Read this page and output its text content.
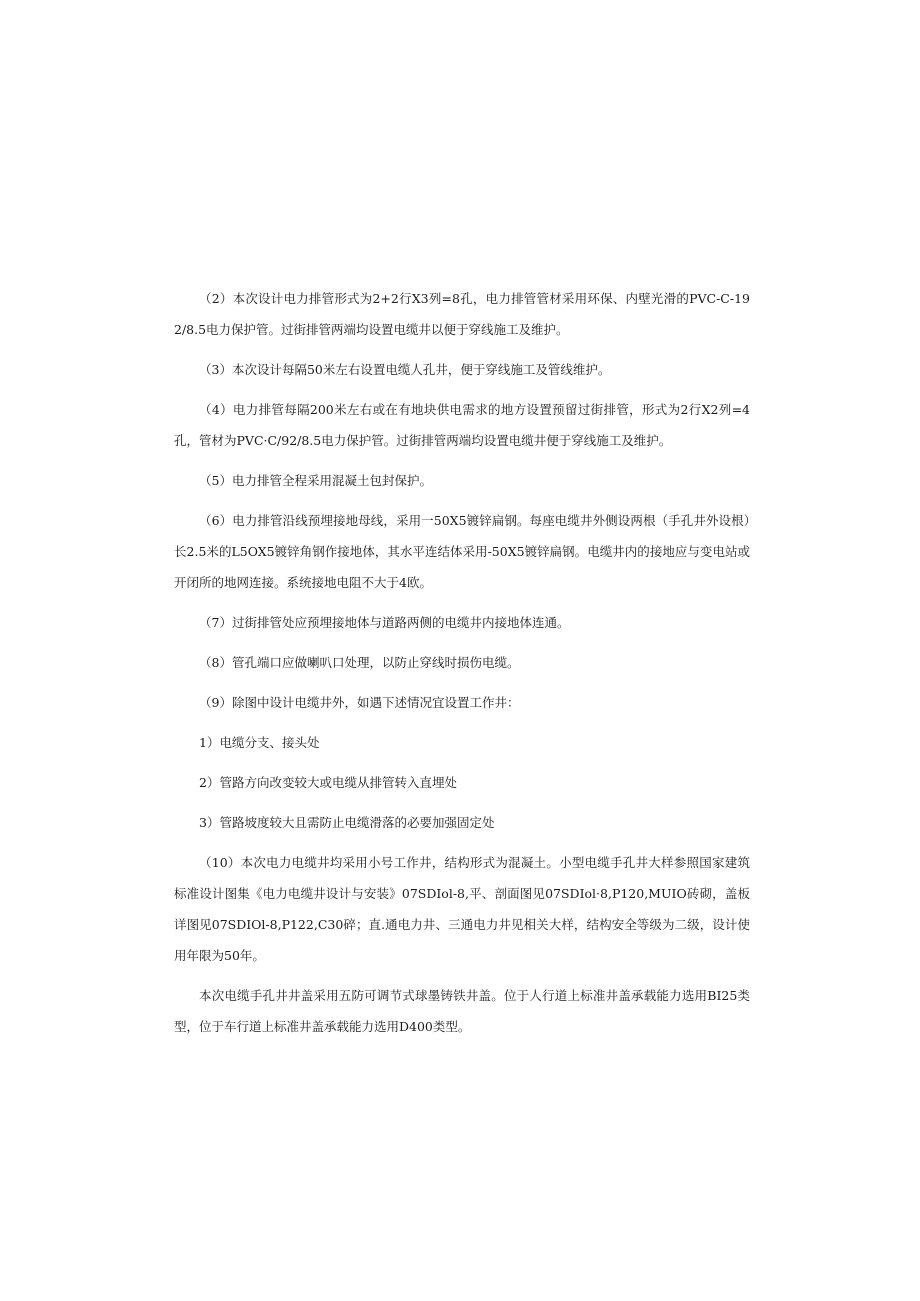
（2）本次设计电力排管形式为2+2行X3列=8孔，电力排管管材采用环保、内壁光滑的PVC-C-192/8.5电力保护管。过街排管两端均设置电缆井以便于穿线施工及维护。

（3）本次设计每隔50米左右设置电缆人孔井，便于穿线施工及管线维护。

（4）电力排管每隔200米左右或在有地块供电需求的地方设置预留过街排管，形式为2行X2列=4孔，管材为PVC·C/92/8.5电力保护管。过街排管两端均设置电缆井便于穿线施工及维护。

（5）电力排管全程采用混凝土包封保护。

（6）电力排管沿线预埋接地母线，采用一50X5镀锌扁钢。每座电缆井外侧设两根（手孔井外设根）长2.5米的L5OX5镀锌角钢作接地体，其水平连结体采用-50X5镀锌扁钢。电缆井内的接地应与变电站或开闭所的地网连接。系统接地电阻不大于4欧。

（7）过街排管处应预埋接地体与道路两侧的电缆井内接地体连通。

（8）管孔端口应做喇叭口处理，以防止穿线时损伤电缆。

（9）除图中设计电缆井外，如遇下述情况宜设置工作井：

1）电缆分支、接头处

2）管路方向改变较大或电缆从排管转入直埋处

3）管路坡度较大且需防止电缆滑落的必要加强固定处

（10）本次电力电缆井均采用小号工作井，结构形式为混凝土。小型电缆手孔井大样参照国家建筑标准设计图集《电力电缆井设计与安装》07SDIol-8,平、剖面图见07SDIol·8,P120,MUIO砖砌，盖板详图见07SDIOl-8,P122,C30碎；直.通电力井、三通电力井见相关大样，结构安全等级为二级，设计使用年限为50年。

本次电缆手孔井井盖采用五防可调节式球墨铸铁井盖。位于人行道上标准井盖承载能力选用BI25类型，位于车行道上标准井盖承载能力选用D400类型。
